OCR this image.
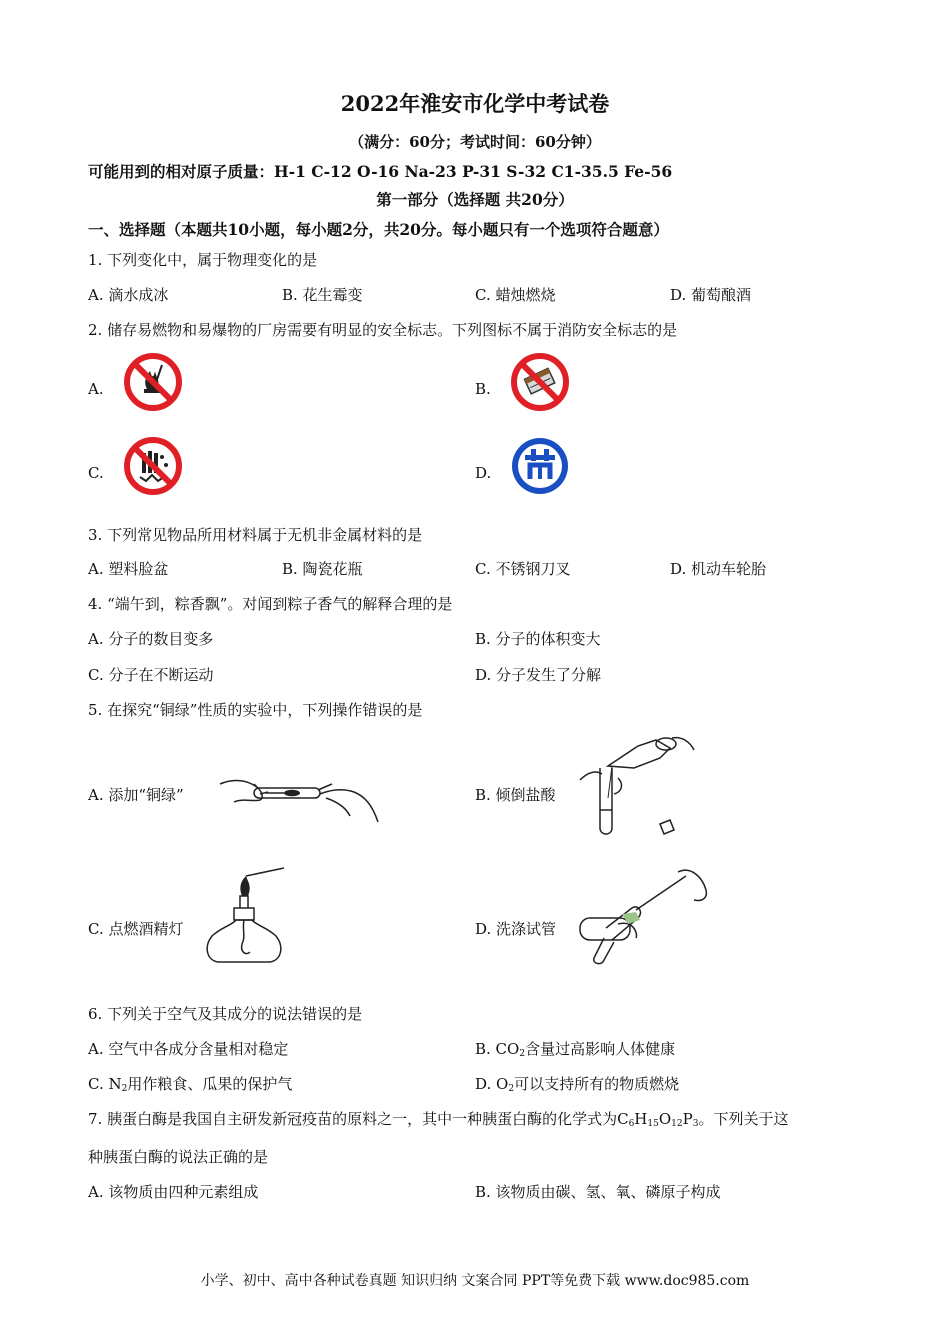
2022年淮安市化学中考试卷
（满分：60分；考试时间：60分钟）
可能用到的相对原子质量：H-1 C-12 O-16 Na-23 P-31 S-32 C1-35.5 Fe-56
第一部分（选择题 共20分）
一、选择题（本题共10小题，每小题2分，共20分。每小题只有一个选项符合题意）
1. 下列变化中，属于物理变化的是
A. 滴水成冰	B. 花生霉变	C. 蜡烛燃烧	D. 葡萄酿酒
2. 储存易燃物和易爆物的厂房需要有明显的安全标志。下列图标不属于消防安全标志的是
A.	B.
C.	D.
3. 下列常见物品所用材料属于无机非金属材料的是
A. 塑料脸盆	B. 陶瓷花瓶	C. 不锈钢刀叉	D. 机动车轮胎
4. “端午到，粽香飘”。对闻到粽子香气的解释合理的是
A. 分子的数目变多	B. 分子的体积变大
C. 分子在不断运动	D. 分子发生了分解
5. 在探究“铜绿”性质的实验中，下列操作错误的是
A. 添加“铜绿”	B. 倾倒盐酸
C. 点燃酒精灯	D. 洗涤试管
6. 下列关于空气及其成分的说法错误的是
A. 空气中各成分含量相对稳定	B. $CO_2$含量过高影响人体健康
C. $N_2$用作粮食、瓜果的保护气	D. $O_2$可以支持所有的物质燃烧
7. 胰蛋白酶是我国自主研发新冠疫苗的原料之一，其中一种胰蛋白酶的化学式为$C_6H_{15}O_{12}P_3$。下列关于这
种胰蛋白酶的说法正确的是
A. 该物质由四种元素组成	B. 该物质由碳、氢、氧、磷原子构成
小学、初中、高中各种试卷真题 知识归纳 文案合同 PPT等免费下载 www.doc985.com
